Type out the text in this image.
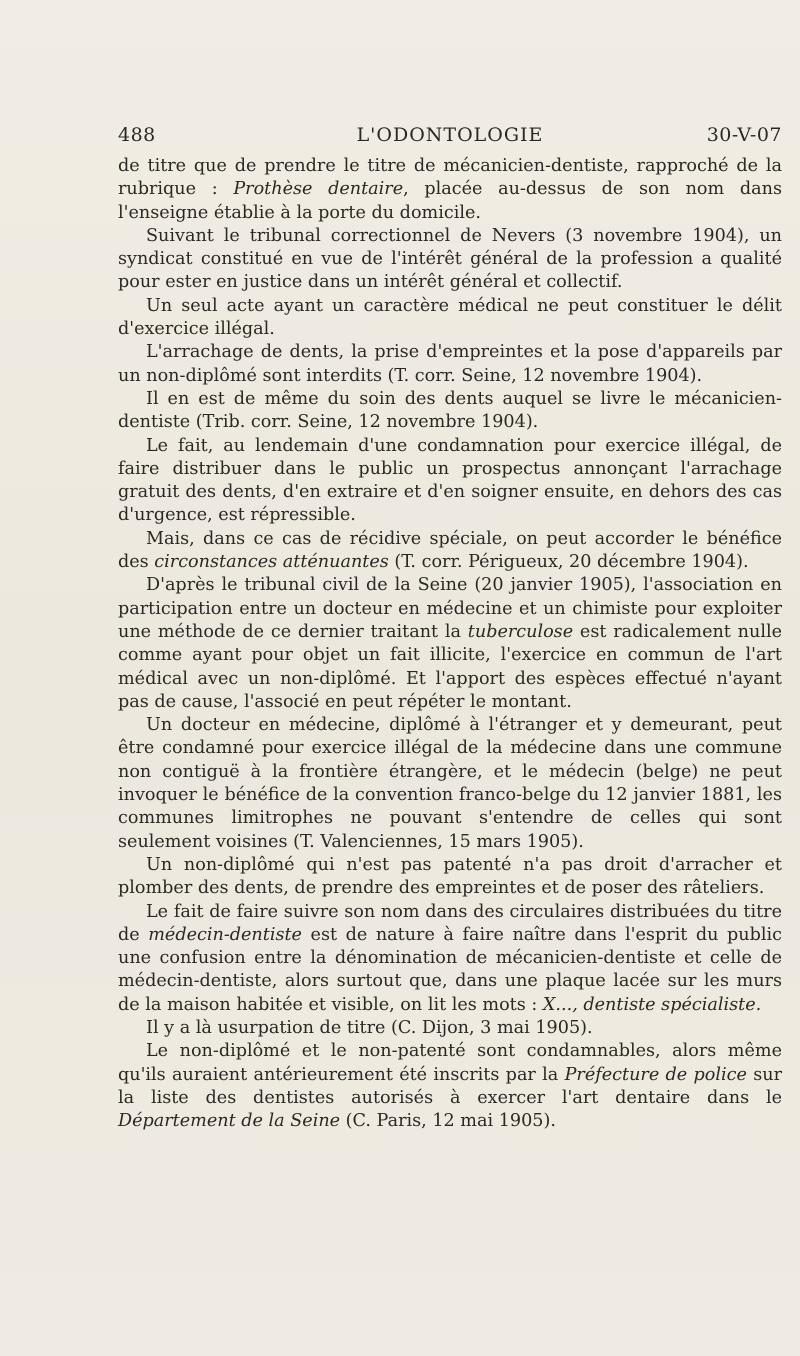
488	L'ODONTOLOGIE	30-V-07

de titre que de prendre le titre de mécanicien-dentiste, rapproché de la rubrique : Prothèse dentaire, placée au-dessus de son nom dans l'enseigne établie à la porte du domicile.

Suivant le tribunal correctionnel de Nevers (3 novembre 1904), un syndicat constitué en vue de l'intérêt général de la profession a qualité pour ester en justice dans un intérêt général et collectif.

Un seul acte ayant un caractère médical ne peut constituer le délit d'exercice illégal.

L'arrachage de dents, la prise d'empreintes et la pose d'appareils par un non-diplômé sont interdits (T. corr. Seine, 12 novembre 1904).

Il en est de même du soin des dents auquel se livre le mécanicien-dentiste (Trib. corr. Seine, 12 novembre 1904).

Le fait, au lendemain d'une condamnation pour exercice illégal, de faire distribuer dans le public un prospectus annonçant l'arrachage gratuit des dents, d'en extraire et d'en soigner ensuite, en dehors des cas d'urgence, est répressible.

Mais, dans ce cas de récidive spéciale, on peut accorder le bénéfice des circonstances atténuantes (T. corr. Périgueux, 20 décembre 1904).

D'après le tribunal civil de la Seine (20 janvier 1905), l'association en participation entre un docteur en médecine et un chimiste pour exploiter une méthode de ce dernier traitant la tuberculose est radicalement nulle comme ayant pour objet un fait illicite, l'exercice en commun de l'art médical avec un non-diplômé. Et l'apport des espèces effectué n'ayant pas de cause, l'associé en peut répéter le montant.

Un docteur en médecine, diplômé à l'étranger et y demeurant, peut être condamné pour exercice illégal de la médecine dans une commune non contiguë à la frontière étrangère, et le médecin (belge) ne peut invoquer le bénéfice de la convention franco-belge du 12 janvier 1881, les communes limitrophes ne pouvant s'entendre de celles qui sont seulement voisines (T. Valenciennes, 15 mars 1905).

Un non-diplômé qui n'est pas patenté n'a pas droit d'arracher et plomber des dents, de prendre des empreintes et de poser des râteliers.

Le fait de faire suivre son nom dans des circulaires distribuées du titre de médecin-dentiste est de nature à faire naître dans l'esprit du public une confusion entre la dénomination de mécanicien-dentiste et celle de médecin-dentiste, alors surtout que, dans une plaque lacée sur les murs de la maison habitée et visible, on lit les mots : X..., dentiste spécialiste.

Il y a là usurpation de titre (C. Dijon, 3 mai 1905).

Le non-diplômé et le non-patenté sont condamnables, alors même qu'ils auraient antérieurement été inscrits par la Préfecture de police sur la liste des dentistes autorisés à exercer l'art dentaire dans le Département de la Seine (C. Paris, 12 mai 1905).
